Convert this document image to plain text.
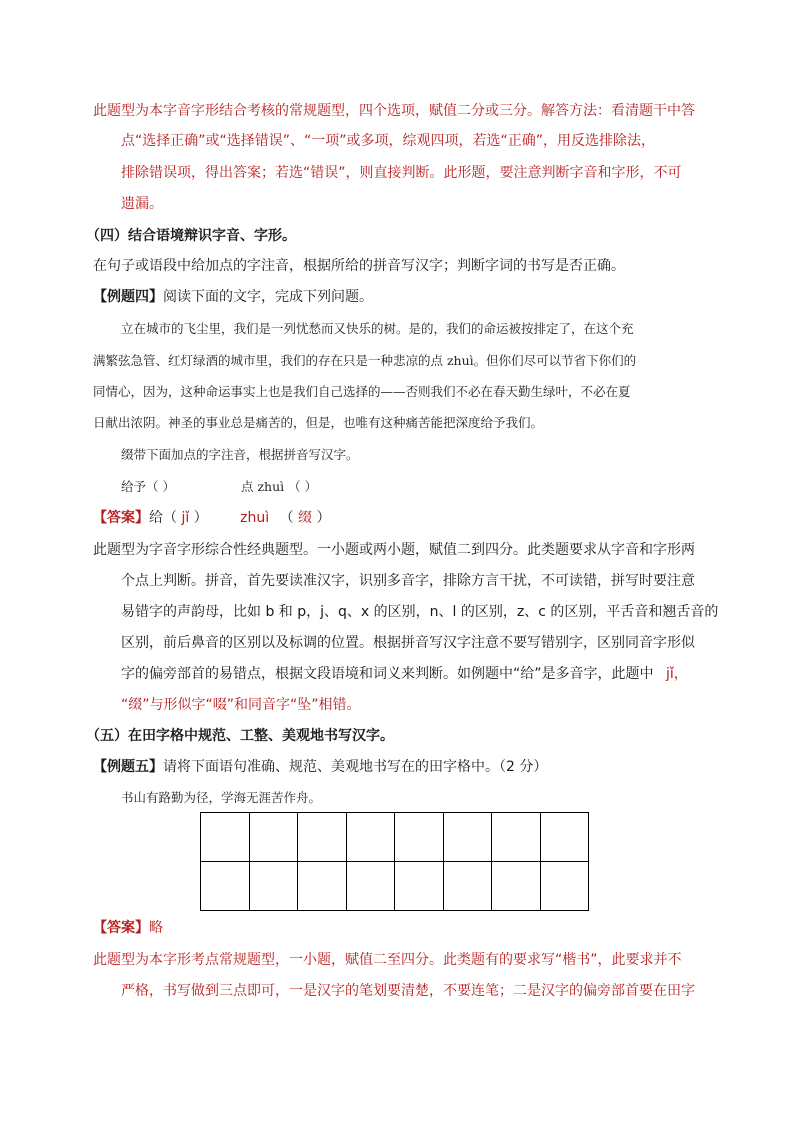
此题型为本字音字形结合考核的常规题型，四个选项，赋值二分或三分。解答方法：看清题干中答
点“选择正确”或“选择错误”、“一项”或多项，综观四项，若选“正确”，用反选排除法，
排除错误项，得出答案；若选“错误”，则直接判断。此形题，要注意判断字音和字形，不可
遗漏。
（四）结合语境辩识字音、字形。
在句子或语段中给加点的字注音，根据所给的拼音写汉字；判断字词的书写是否正确。
【例题四】阅读下面的文字，完成下列问题。
立在城市的飞尘里，我们是一列忧愁而又快乐的树。是的，我们的命运被按排定了，在这个充
满繁弦急管、红灯绿酒的城市里，我们的存在只是一种悲凉的点 zhuì。但你们尽可以节省下你们的
同情心，因为，这种命运事实上也是我们自己选择的——否则我们不必在春天勤生绿叶，不必在夏
日献出浓阴。神圣的事业总是痛苦的，但是，也唯有这种痛苦能把深度给予我们。
缀带下面加点的字注音，根据拼音写汉字。
给予（ ）	点 zhuì （ ）
【答案】给（ jǐ ） zhuì （ 缀 ）
此题型为字音字形综合性经典题型。一小题或两小题，赋值二到四分。此类题要求从字音和字形两
个点上判断。拼音，首先要读准汉字，识别多音字，排除方言干扰，不可读错，拼写时要注意
易错字的声韵母，比如 b 和 p，j、q、x 的区别，n、l 的区别，z、c 的区别，平舌音和翘舌音的
区别，前后鼻音的区别以及标调的位置。根据拼音写汉字注意不要写错别字，区别同音字形似
字的偏旁部首的易错点，根据文段语境和词义来判断。如例题中“给”是多音字，此题中 jǐ，
“缀”与形似字“啜”和同音字“坠”相错。
（五）在田字格中规范、工整、美观地书写汉字。
【例题五】请将下面语句准确、规范、美观地书写在的田字格中。（2 分）
书山有路勤为径，学海无涯苦作舟。

【答案】略
此题型为本字形考点常规题型，一小题，赋值二至四分。此类题有的要求写“楷书”，此要求并不
严格，书写做到三点即可，一是汉字的笔划要清楚，不要连笔；二是汉字的偏旁部首要在田字
